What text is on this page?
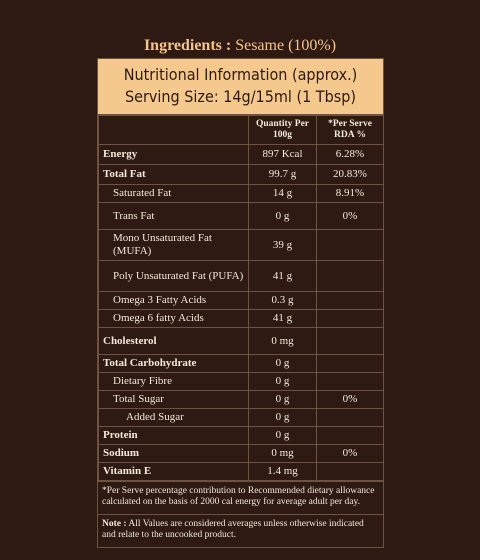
Ingredients : Sesame (100%)
Nutritional Information (approx.)
Serving Size: 14g/15ml (1 Tbsp)
	Quantity Per 100g	*Per Serve RDA %
Energy	897 Kcal	6.28%
Total Fat	99.7 g	20.83%
Saturated Fat	14 g	8.91%
Trans Fat	0 g	0%
Mono Unsaturated Fat (MUFA)	39 g	
Poly Unsaturated Fat (PUFA)	41 g	
Omega 3 Fatty Acids	0.3 g	
Omega 6 fatty Acids	41 g	
Cholesterol	0 mg	
Total Carbohydrate	0 g	
Dietary Fibre	0 g	
Total Sugar	0 g	0%
Added Sugar	0 g	
Protein	0 g	
Sodium	0 mg	0%
Vitamin E	1.4 mg	
*Per Serve percentage contribution to Recommended dietary allowance calculated on the basis of 2000 cal energy for average adult per day.
Note : All Values are considered averages unless otherwise indicated and relate to the uncooked product.
